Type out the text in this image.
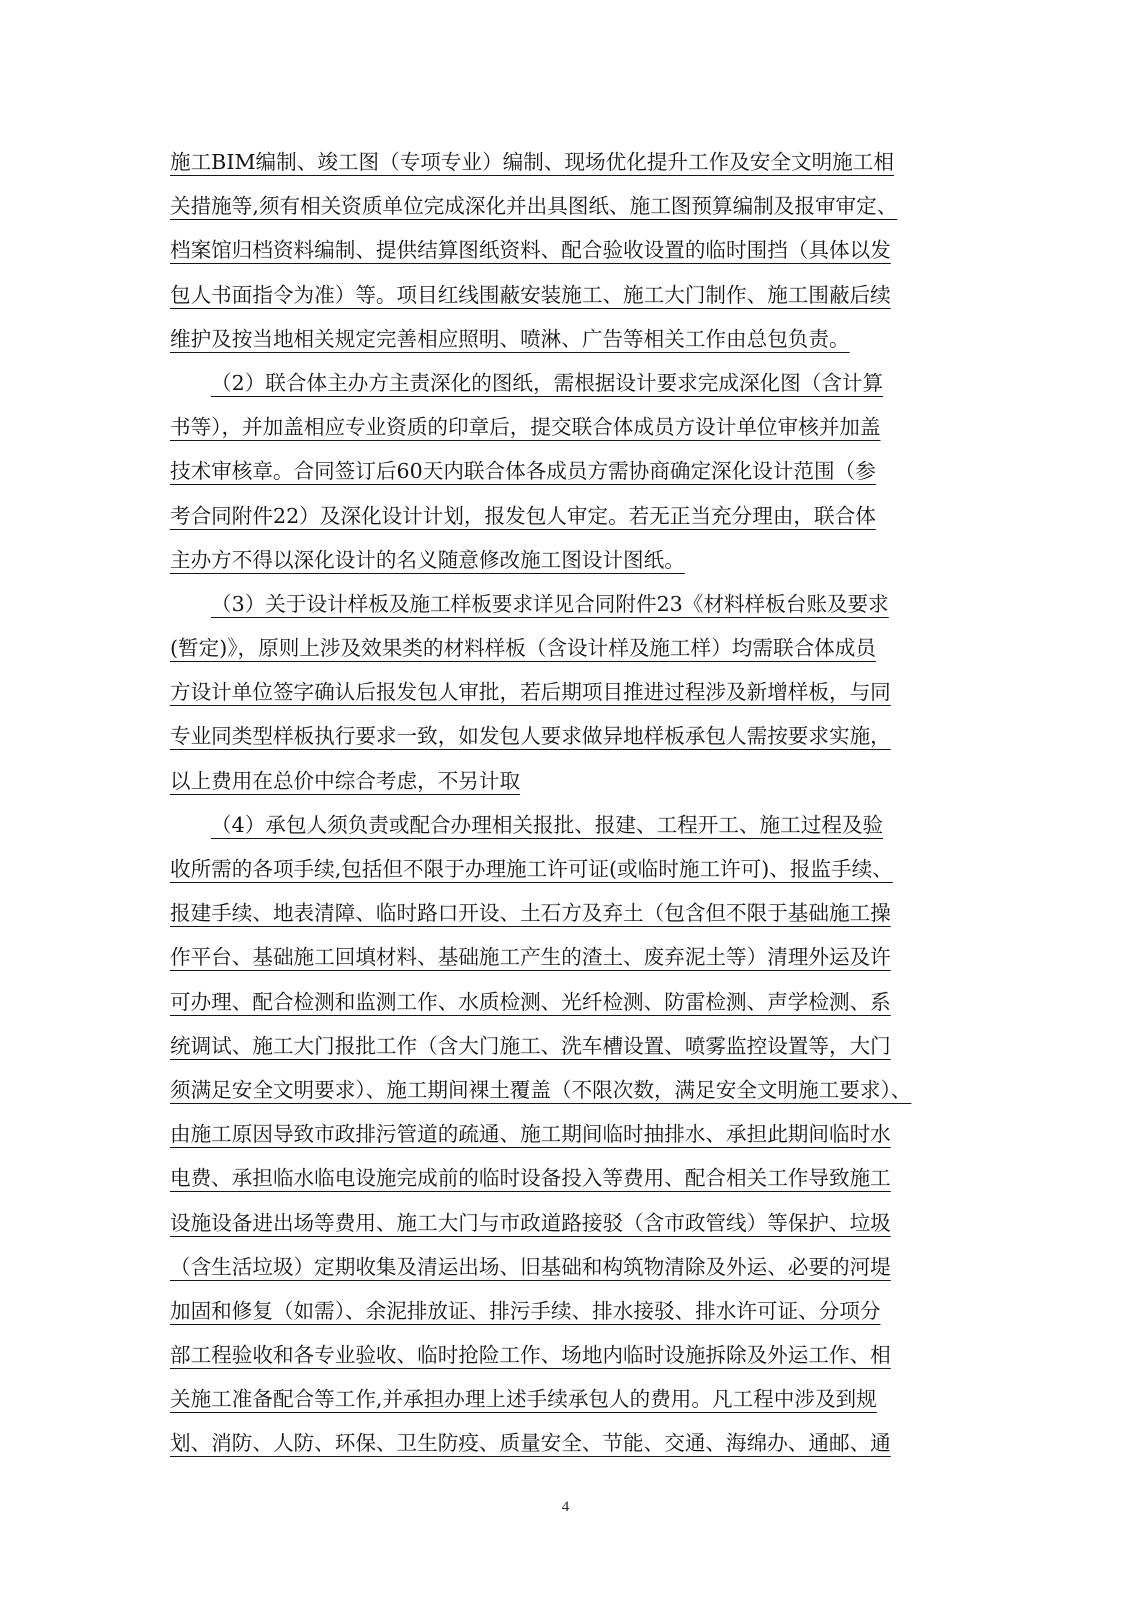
施工BIM编制、竣工图（专项专业）编制、现场优化提升工作及安全文明施工相
关措施等,须有相关资质单位完成深化并出具图纸、施工图预算编制及报审审定、
档案馆归档资料编制、提供结算图纸资料、配合验收设置的临时围挡（具体以发
包人书面指令为准）等。项目红线围蔽安装施工、施工大门制作、施工围蔽后续
维护及按当地相关规定完善相应照明、喷淋、广告等相关工作由总包负责。
（2）联合体主办方主责深化的图纸，需根据设计要求完成深化图（含计算
书等），并加盖相应专业资质的印章后，提交联合体成员方设计单位审核并加盖
技术审核章。合同签订后60天内联合体各成员方需协商确定深化设计范围（参
考合同附件22）及深化设计计划，报发包人审定。若无正当充分理由，联合体
主办方不得以深化设计的名义随意修改施工图设计图纸。
（3）关于设计样板及施工样板要求详见合同附件23《材料样板台账及要求
(暂定)》，原则上涉及效果类的材料样板（含设计样及施工样）均需联合体成员
方设计单位签字确认后报发包人审批，若后期项目推进过程涉及新增样板，与同
专业同类型样板执行要求一致，如发包人要求做异地样板承包人需按要求实施，
以上费用在总价中综合考虑，不另计取
（4）承包人须负责或配合办理相关报批、报建、工程开工、施工过程及验
收所需的各项手续,包括但不限于办理施工许可证(或临时施工许可)、报监手续、
报建手续、地表清障、临时路口开设、土石方及弃土（包含但不限于基础施工操
作平台、基础施工回填材料、基础施工产生的渣土、废弃泥土等）清理外运及许
可办理、配合检测和监测工作、水质检测、光纤检测、防雷检测、声学检测、系
统调试、施工大门报批工作（含大门施工、洗车槽设置、喷雾监控设置等，大门
须满足安全文明要求）、施工期间裸土覆盖（不限次数，满足安全文明施工要求）、
由施工原因导致市政排污管道的疏通、施工期间临时抽排水、承担此期间临时水
电费、承担临水临电设施完成前的临时设备投入等费用、配合相关工作导致施工
设施设备进出场等费用、施工大门与市政道路接驳（含市政管线）等保护、垃圾
（含生活垃圾）定期收集及清运出场、旧基础和构筑物清除及外运、必要的河堤
加固和修复（如需）、余泥排放证、排污手续、排水接驳、排水许可证、分项分
部工程验收和各专业验收、临时抢险工作、场地内临时设施拆除及外运工作、相
关施工准备配合等工作,并承担办理上述手续承包人的费用。凡工程中涉及到规
划、消防、人防、环保、卫生防疫、质量安全、节能、交通、海绵办、通邮、通
4
